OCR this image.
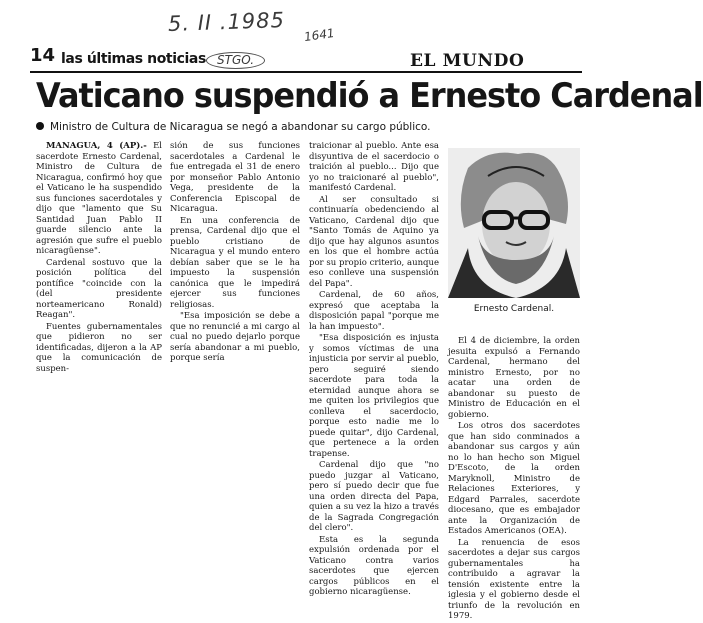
5. II .1985 1641
STGO.
14 las últimas noticias	EL MUNDO
Vaticano suspendió a Ernesto Cardenal
Ministro de Cultura de Nicaragua se negó a abandonar su cargo público.

MANAGUA, 4 (AP).- El sacerdote Ernesto Cardenal, Ministro de Cultura de Nicaragua, confirmó hoy que el Vaticano le ha suspendido sus funciones sacerdotales y dijo que "lamento que Su Santidad Juan Pablo II guarde silencio ante la agresión que sufre el pueblo nicaragüense".

Cardenal sostuvo que la posición política del pontífice "coincide con la (del presidente norteamericano Ronald) Reagan".

Fuentes gubernamentales que pidieron no ser identificadas, dijeron a la AP que la comunicación de suspen-

sión de sus funciones sacerdotales a Cardenal le fue entregada el 31 de enero por monseñor Pablo Antonio Vega, presidente de la Conferencia Episcopal de Nicaragua.

En una conferencia de prensa, Cardenal dijo que el pueblo cristiano de Nicaragua y el mundo entero debían saber que se le ha impuesto la suspensión canónica que le impedirá ejercer sus funciones religiosas.

"Esa imposición se debe a que no renuncié a mi cargo al cual no puedo dejarlo porque sería abandonar a mi pueblo, porque sería

traicionar al pueblo. Ante esa disyuntiva de el sacerdocio o traición al pueblo... Dijo que yo no traicionaré al pueblo", manifestó Cardenal.

Al ser consultado si continuaría obedenciendo al Vaticano, Cardenal dijo que "Santo Tomás de Aquino ya dijo que hay algunos asuntos en los que el hombre actúa por su propio criterio, aunque eso conlleve una suspensión del Papa".

Cardenal, de 60 años, expresó que aceptaba la disposición papal "porque me la han impuesto".

"Esa disposición es injusta y somos víctimas de una injusticia por servir al pueblo, pero seguiré siendo sacerdote para toda la eternidad aunque ahora se me quiten los privilegios que conlleva el sacerdocio, porque esto nadie me lo puede quitar", dijo Cardenal, que pertenece a la orden trapense.

Cardenal dijo que "no puedo juzgar al Vaticano, pero sí puedo decir que fue una orden directa del Papa, quien a su vez la hizo a través de la Sagrada Congregación del clero".

Esta es la segunda expulsión ordenada por el Vaticano contra varios sacerdotes que ejercen cargos públicos en el gobierno nicaragüense.

Ernesto Cardenal.

El 4 de diciembre, la orden jesuita expulsó a Fernando Cardenal, hermano del ministro Ernesto, por no acatar una orden de abandonar su puesto de Ministro de Educación en el gobierno.

Los otros dos sacerdotes que han sido conminados a abandonar sus cargos y aún no lo han hecho son Miguel D'Escoto, de la orden Maryknoll, Ministro de Relaciones Exteriores, y Edgard Parrales, sacerdote diocesano, que es embajador ante la Organización de Estados Americanos (OEA).

La renuencia de esos sacerdotes a dejar sus cargos gubernamentales ha contribuido a agravar la tensión existente entre la iglesia y el gobierno desde el triunfo de la revolución en 1979.
